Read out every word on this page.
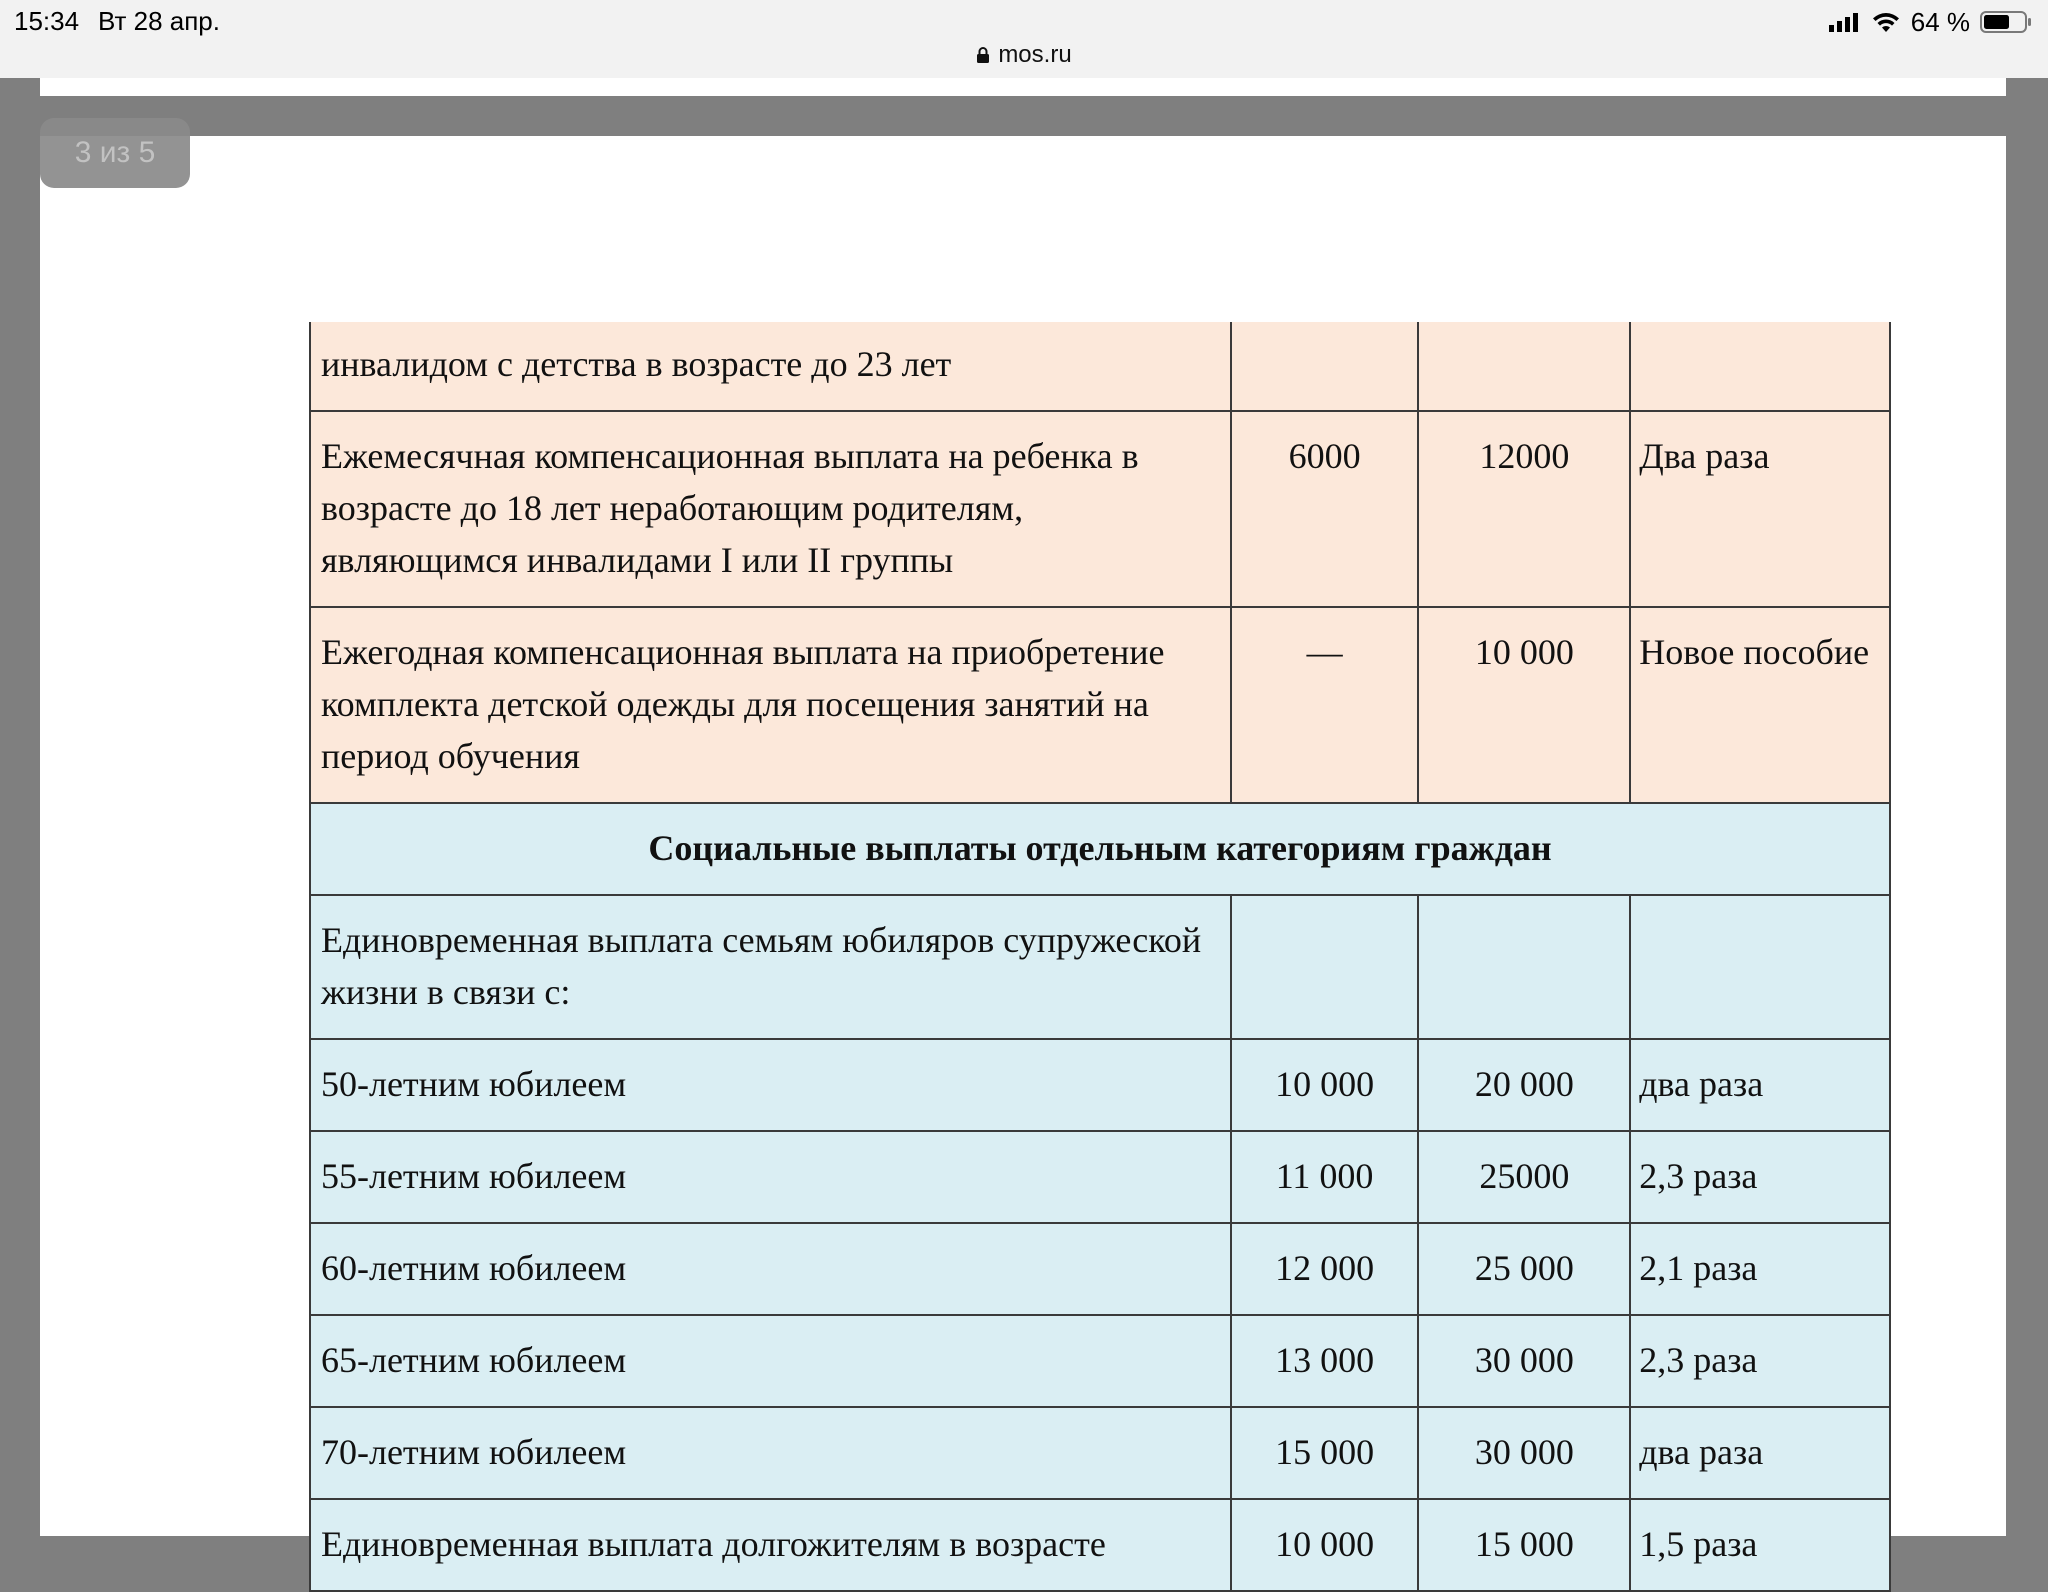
15:34 Вт 28 апр.	64 %
mos.ru
3 из 5
инвалидом с детства в возрасте до 23 лет			
Ежемесячная компенсационная выплата на ребенка в возрасте до 18 лет неработающим родителям, являющимся инвалидами I или II группы	6000	12000	Два раза
Ежегодная компенсационная выплата на приобретение комплекта детской одежды для посещения занятий на период обучения	—	10 000	Новое пособие
Социальные выплаты отдельным категориям граждан			
Единовременная выплата семьям юбиляров супружеской жизни в связи с:			
50-летним юбилеем	10 000	20 000	два раза
55-летним юбилеем	11 000	25000	2,3 раза
60-летним юбилеем	12 000	25 000	2,1 раза
65-летним юбилеем	13 000	30 000	2,3 раза
70-летним юбилеем	15 000	30 000	два раза
Единовременная выплата долгожителям в возрасте	10 000	15 000	1,5 раза
